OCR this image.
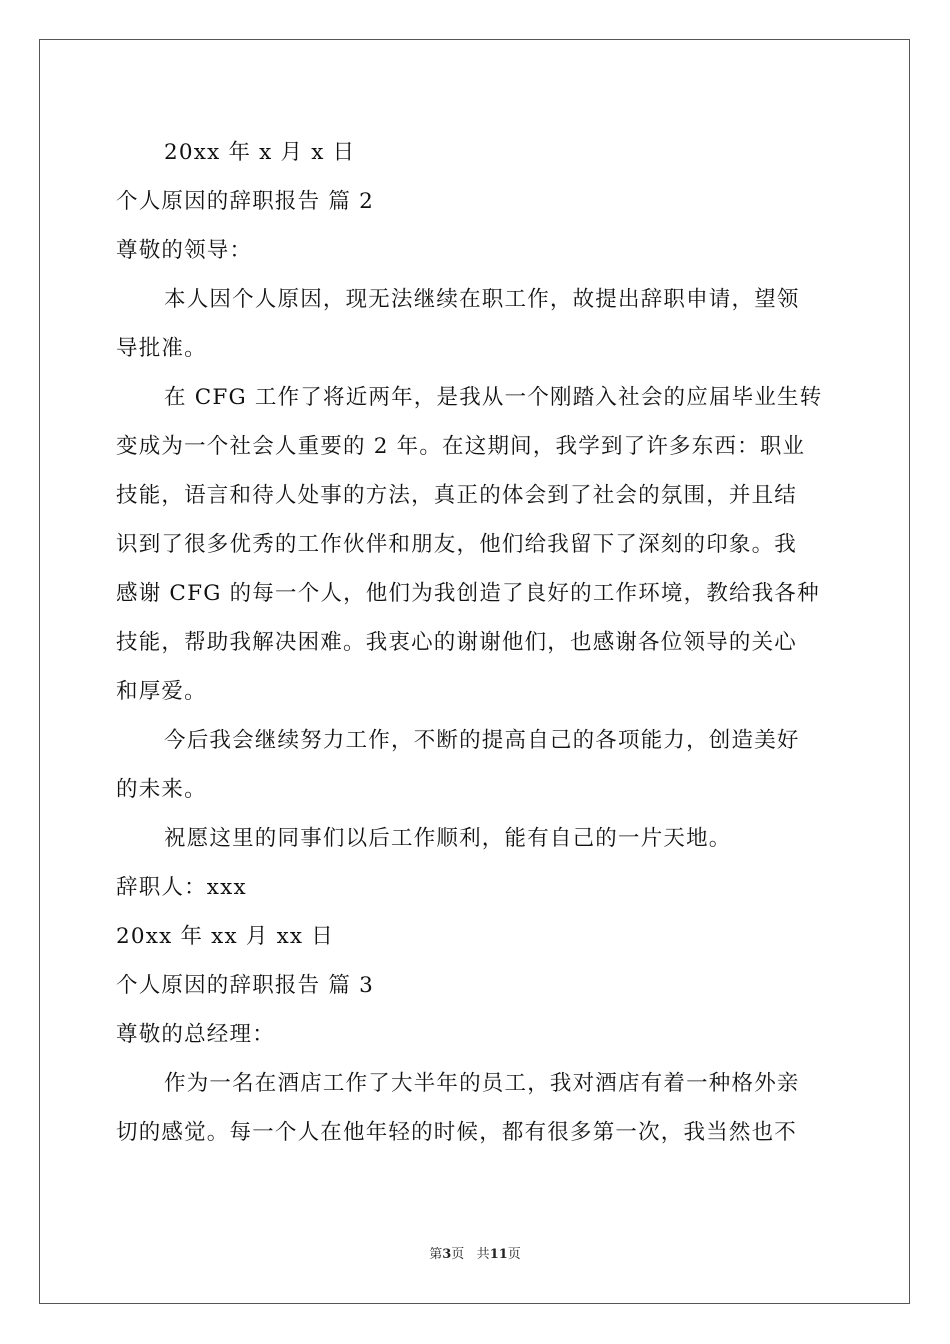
20xx 年 x 月 x 日

个人原因的辞职报告 篇 2

尊敬的领导：

本人因个人原因，现无法继续在职工作，故提出辞职申请，望领

导批准。

在 CFG 工作了将近两年，是我从一个刚踏入社会的应届毕业生转

变成为一个社会人重要的 2 年。在这期间，我学到了许多东西：职业

技能，语言和待人处事的方法，真正的体会到了社会的氛围，并且结

识到了很多优秀的工作伙伴和朋友，他们给我留下了深刻的印象。我

感谢 CFG 的每一个人，他们为我创造了良好的工作环境，教给我各种

技能，帮助我解决困难。我衷心的谢谢他们，也感谢各位领导的关心

和厚爱。

今后我会继续努力工作，不断的提高自己的各项能力，创造美好

的未来。

祝愿这里的同事们以后工作顺利，能有自己的一片天地。

辞职人：xxx

20xx 年 xx 月 xx 日

个人原因的辞职报告 篇 3

尊敬的总经理：

作为一名在酒店工作了大半年的员工，我对酒店有着一种格外亲

切的感觉。每一个人在他年轻的时候，都有很多第一次，我当然也不

第3页 共11页
